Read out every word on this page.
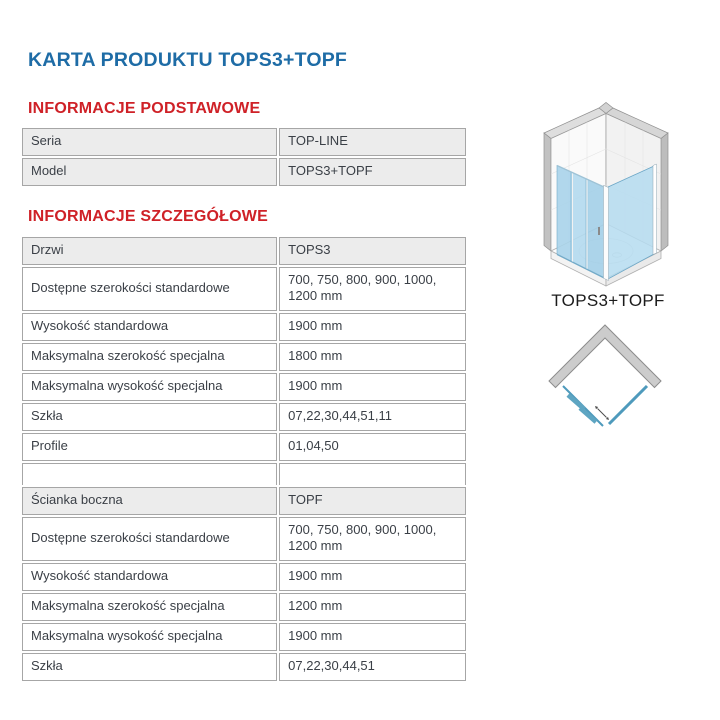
KARTA PRODUKTU TOPS3+TOPF
INFORMACJE PODSTAWOWE
Seria	TOP-LINE
Model	TOPS3+TOPF
INFORMACJE SZCZEGÓŁOWE
Drzwi	TOPS3
Dostępne szerokości standardowe	700, 750, 800, 900, 1000, 1200 mm
Wysokość standardowa	1900 mm
Maksymalna szerokość specjalna	1800 mm
Maksymalna wysokość specjalna	1900 mm
Szkła	07,22,30,44,51,11
Profile	01,04,50

Ścianka boczna	TOPF
Dostępne szerokości standardowe	700, 750, 800, 900, 1000, 1200 mm
Wysokość standardowa	1900 mm
Maksymalna szerokość specjalna	1200 mm
Maksymalna wysokość specjalna	1900 mm
Szkła	07,22,30,44,51
TOPS3+TOPF
